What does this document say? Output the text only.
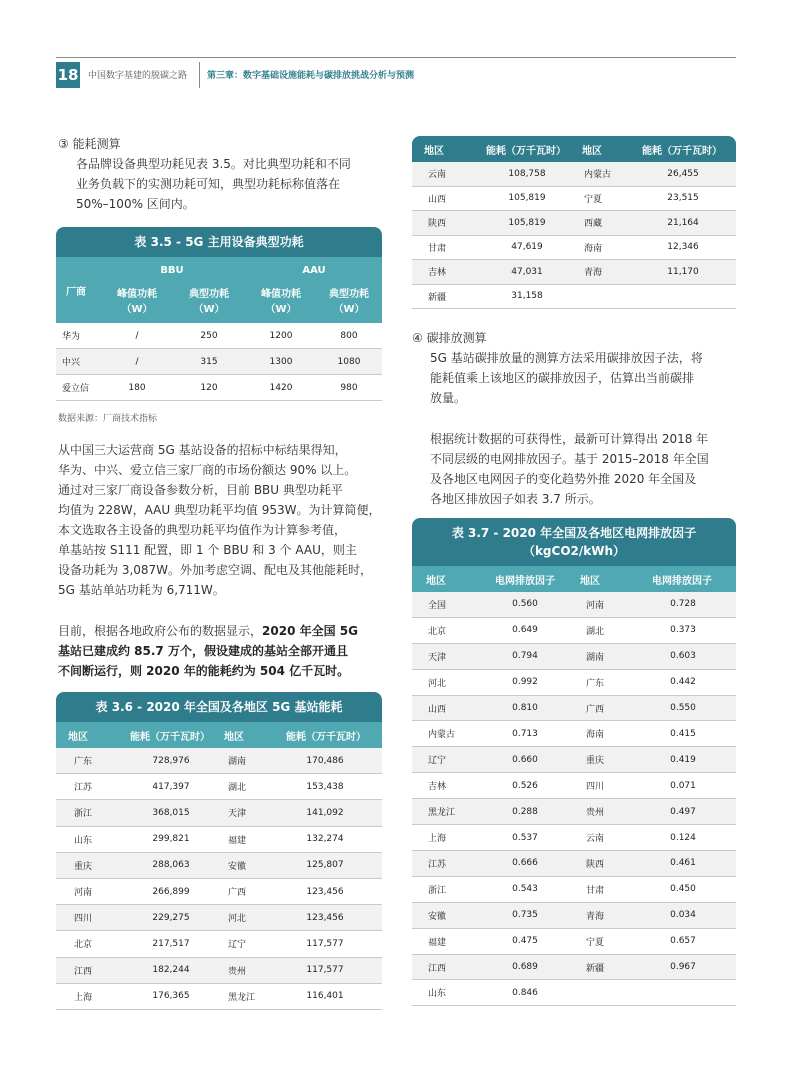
18 中国数字基建的脱碳之路 第三章：数字基础设施能耗与碳排放挑战分析与预测
③ 能耗测算
各品牌设备典型功耗见表 3.5。对比典型功耗和不同
业务负载下的实测功耗可知，典型功耗标称值落在
50%–100% 区间内。
表 3.5 - 5G 主用设备典型功耗
厂商
BBU	AAU
峰值功耗
（W）
典型功耗
（W）
峰值功耗
（W）
典型功耗
（W）
华为	/	250	1200	800
中兴	/	315	1300	1080
爱立信	180	120	1420	980
数据来源：厂商技术指标
从中国三大运营商 5G 基站设备的招标中标结果得知，
华为、中兴、爱立信三家厂商的市场份额达 90% 以上。
通过对三家厂商设备参数分析，目前 BBU 典型功耗平
均值为 228W，AAU 典型功耗平均值 953W。为计算简便，
本文选取各主设备的典型功耗平均值作为计算参考值，
单基站按 S111 配置，即 1 个 BBU 和 3 个 AAU，则主
设备功耗为 3,087W。外加考虑空调、配电及其他能耗时，
5G 基站单站功耗为 6,711W。
目前，根据各地政府公布的数据显示，2020 年全国 5G
基站已建成约 85.7 万个，假设建成的基站全部开通且
不间断运行，则 2020 年的能耗约为 504 亿千瓦时。
表 3.6 - 2020 年全国及各地区 5G 基站能耗
地区	能耗（万千瓦时）	地区	能耗（万千瓦时）
广东	728,976	湖南	170,486
江苏	417,397	湖北	153,438
浙江	368,015	天津	141,092
山东	299,821	福建	132,274
重庆	288,063	安徽	125,807
河南	266,899	广西	123,456
四川	229,275	河北	123,456
北京	217,517	辽宁	117,577
江西	182,244	贵州	117,577
上海	176,365	黑龙江	116,401
地区	能耗（万千瓦时）	地区	能耗（万千瓦时）
云南	108,758	内蒙古	26,455
山西	105,819	宁夏	23,515
陕西	105,819	西藏	21,164
甘肃	47,619	海南	12,346
吉林	47,031	青海	11,170
新疆	31,158
④ 碳排放测算
5G 基站碳排放量的测算方法采用碳排放因子法，将
能耗值乘上该地区的碳排放因子，估算出当前碳排
放量。
根据统计数据的可获得性，最新可计算得出 2018 年
不同层级的电网排放因子。基于 2015–2018 年全国
及各地区电网因子的变化趋势外推 2020 年全国及
各地区排放因子如表 3.7 所示。
表 3.7 - 2020 年全国及各地区电网排放因子
（kgCO2/kWh）
地区	电网排放因子	地区	电网排放因子
全国	0.560	河南	0.728
北京	0.649	湖北	0.373
天津	0.794	湖南	0.603
河北	0.992	广东	0.442
山西	0.810	广西	0.550
内蒙古	0.713	海南	0.415
辽宁	0.660	重庆	0.419
吉林	0.526	四川	0.071
黑龙江	0.288	贵州	0.497
上海	0.537	云南	0.124
江苏	0.666	陕西	0.461
浙江	0.543	甘肃	0.450
安徽	0.735	青海	0.034
福建	0.475	宁夏	0.657
江西	0.689	新疆	0.967
山东	0.846
